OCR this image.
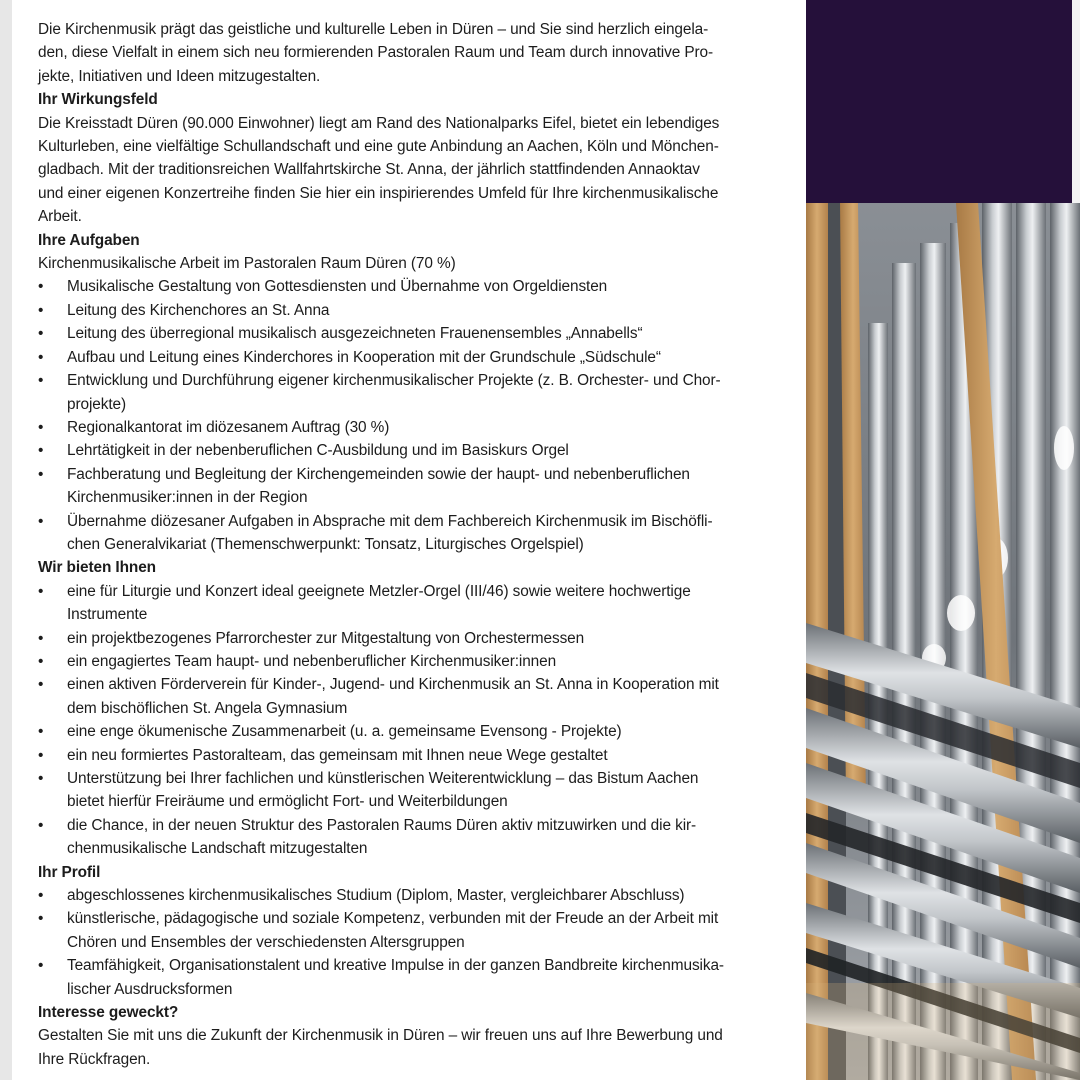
Die Kirchenmusik prägt das geistliche und kulturelle Leben in Düren – und Sie sind herzlich eingela-
den, diese Vielfalt in einem sich neu formierenden Pastoralen Raum und Team durch innovative Pro-
jekte, Initiativen und Ideen mitzugestalten.

Ihr Wirkungsfeld

Die Kreisstadt Düren (90.000 Einwohner) liegt am Rand des Nationalparks Eifel, bietet ein lebendiges
Kulturleben, eine vielfältige Schullandschaft und eine gute Anbindung an Aachen, Köln und Mönchen-
gladbach. Mit der traditionsreichen Wallfahrtskirche St. Anna, der jährlich stattfindenden Annaoktav
und einer eigenen Konzertreihe finden Sie hier ein inspirierendes Umfeld für Ihre kirchenmusikalische
Arbeit.

Ihre Aufgaben

Kirchenmusikalische Arbeit im Pastoralen Raum Düren (70 %)

• Musikalische Gestaltung von Gottesdiensten und Übernahme von Orgeldiensten
• Leitung des Kirchenchores an St. Anna
• Leitung des überregional musikalisch ausgezeichneten Frauenensembles „Annabells“
• Aufbau und Leitung eines Kinderchores in Kooperation mit der Grundschule „Südschule“
• Entwicklung und Durchführung eigener kirchenmusikalischer Projekte (z. B. Orchester- und Chor-
projekte)
• Regionalkantorat im diözesanem Auftrag (30 %)
• Lehrtätigkeit in der nebenberuflichen C-Ausbildung und im Basiskurs Orgel
• Fachberatung und Begleitung der Kirchengemeinden sowie der haupt- und nebenberuflichen
Kirchenmusiker:innen in der Region
• Übernahme diözesaner Aufgaben in Absprache mit dem Fachbereich Kirchenmusik im Bischöfli-
chen Generalvikariat (Themenschwerpunkt: Tonsatz, Liturgisches Orgelspiel)
Wir bieten Ihnen
• eine für Liturgie und Konzert ideal geeignete Metzler-Orgel (III/46) sowie weitere hochwertige
Instrumente
• ein projektbezogenes Pfarrorchester zur Mitgestaltung von Orchestermessen
• ein engagiertes Team haupt- und nebenberuflicher Kirchenmusiker:innen
• einen aktiven Förderverein für Kinder-, Jugend- und Kirchenmusik an St. Anna in Kooperation mit
dem bischöflichen St. Angela Gymnasium
• eine enge ökumenische Zusammenarbeit (u. a. gemeinsame Evensong - Projekte)
• ein neu formiertes Pastoralteam, das gemeinsam mit Ihnen neue Wege gestaltet
• Unterstützung bei Ihrer fachlichen und künstlerischen Weiterentwicklung – das Bistum Aachen
bietet hierfür Freiräume und ermöglicht Fort- und Weiterbildungen
• die Chance, in der neuen Struktur des Pastoralen Raums Düren aktiv mitzuwirken und die kir-
chenmusikalische Landschaft mitzugestalten
Ihr Profil
• abgeschlossenes kirchenmusikalisches Studium (Diplom, Master, vergleichbarer Abschluss)
• künstlerische, pädagogische und soziale Kompetenz, verbunden mit der Freude an der Arbeit mit
Chören und Ensembles der verschiedensten Altersgruppen
• Teamfähigkeit, Organisationstalent und kreative Impulse in der ganzen Bandbreite kirchenmusika-
lischer Ausdrucksformen
Interesse geweckt?

Gestalten Sie mit uns die Zukunft der Kirchenmusik in Düren – wir freuen uns auf Ihre Bewerbung und
Ihre Rückfragen.
